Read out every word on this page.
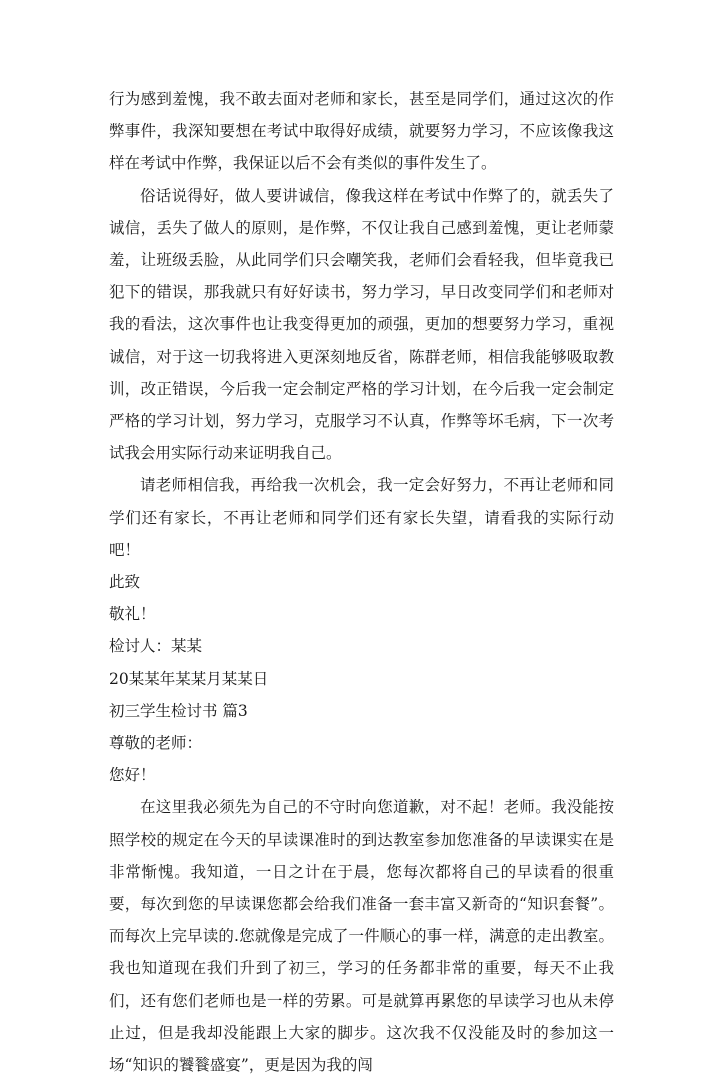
行为感到羞愧，我不敢去面对老师和家长，甚至是同学们，通过这次的作弊事件，我深知要想在考试中取得好成绩，就要努力学习，不应该像我这样在考试中作弊，我保证以后不会有类似的事件发生了。

俗话说得好，做人要讲诚信，像我这样在考试中作弊了的，就丢失了诚信，丢失了做人的原则，是作弊，不仅让我自己感到羞愧，更让老师蒙羞，让班级丢脸，从此同学们只会嘲笑我，老师们会看轻我，但毕竟我已犯下的错误，那我就只有好好读书，努力学习，早日改变同学们和老师对我的看法，这次事件也让我变得更加的顽强，更加的想要努力学习，重视诚信，对于这一切我将进入更深刻地反省，陈群老师，相信我能够吸取教训，改正错误，今后我一定会制定严格的学习计划，在今后我一定会制定严格的学习计划，努力学习，克服学习不认真，作弊等坏毛病，下一次考试我会用实际行动来证明我自己。

请老师相信我，再给我一次机会，我一定会好努力，不再让老师和同学们还有家长，不再让老师和同学们还有家长失望，请看我的实际行动吧！

此致

敬礼！

检讨人：某某

20某某年某某月某某日

初三学生检讨书 篇3

尊敬的老师：

您好！

在这里我必须先为自己的不守时向您道歉，对不起！老师。我没能按照学校的规定在今天的早读课准时的到达教室参加您准备的早读课实在是非常惭愧。我知道，一日之计在于晨，您每次都将自己的早读看的很重要，每次到您的早读课您都会给我们准备一套丰富又新奇的“知识套餐”。而每次上完早读的.您就像是完成了一件顺心的事一样，满意的走出教室。我也知道现在我们升到了初三，学习的任务都非常的重要，每天不止我们，还有您们老师也是一样的劳累。可是就算再累您的早读学习也从未停止过，但是我却没能跟上大家的脚步。这次我不仅没能及时的参加这一场“知识的饕餮盛宴”，更是因为我的闯
